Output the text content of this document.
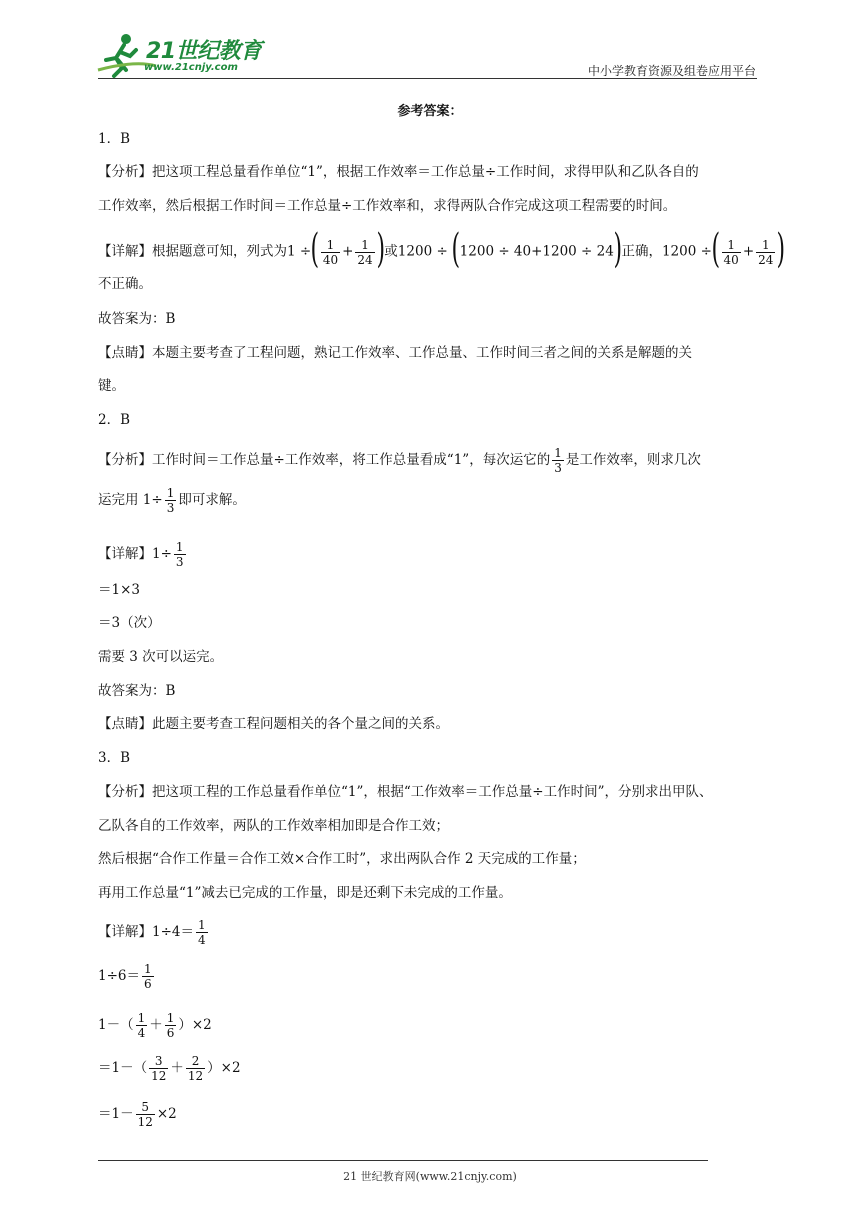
21世纪教育
www.21cnjy.com	中小学教育资源及组卷应用平台
参考答案：
1．B
【分析】把这项工程总量看作单位“1”，根据工作效率＝工作总量÷工作时间，求得甲队和乙队各自的
工作效率，然后根据工作时间＝工作总量÷工作效率和，求得两队合作完成这项工程需要的时间。
【详解】根据题意可知，列式为1 ÷( $\frac{1}{40} + \frac{1}{24}$ )或1200 ÷ (1200 ÷ 40+1200 ÷ 24)正确，1200 ÷( $\frac{1}{40} + \frac{1}{24}$ )
不正确。
故答案为：B
【点睛】本题主要考查了工程问题，熟记工作效率、工作总量、工作时间三者之间的关系是解题的关
键。
2．B
【分析】工作时间＝工作总量÷工作效率，将工作总量看成“1”，每次运它的 $\frac{1}{3}$ 是工作效率，则求几次
运完用 $1\div \frac{1}{3}$ 即可求解。
【详解】$1\div \frac{1}{3}$
＝1×3
＝3（次）
需要 3 次可以运完。
故答案为：B
【点睛】此题主要考查工程问题相关的各个量之间的关系。
3．B
【分析】把这项工程的工作总量看作单位“1”，根据“工作效率＝工作总量÷工作时间”，分别求出甲队、
乙队各自的工作效率，两队的工作效率相加即是合作工效；
然后根据“合作工作量＝合作工效×合作工时”，求出两队合作 2 天完成的工作量；
再用工作总量“1”减去已完成的工作量，即是还剩下未完成的工作量。
【详解】$1\div 4= \frac{1}{4}$
$1\div 6= \frac{1}{6}$
$1-( \frac{1}{4} + \frac{1}{6} )\times 2$
$=1-( \frac{3}{12} + \frac{2}{12} )\times 2$
$=1- \frac{5}{12} \times 2$
21 世纪教育网(www.21cnjy.com)
